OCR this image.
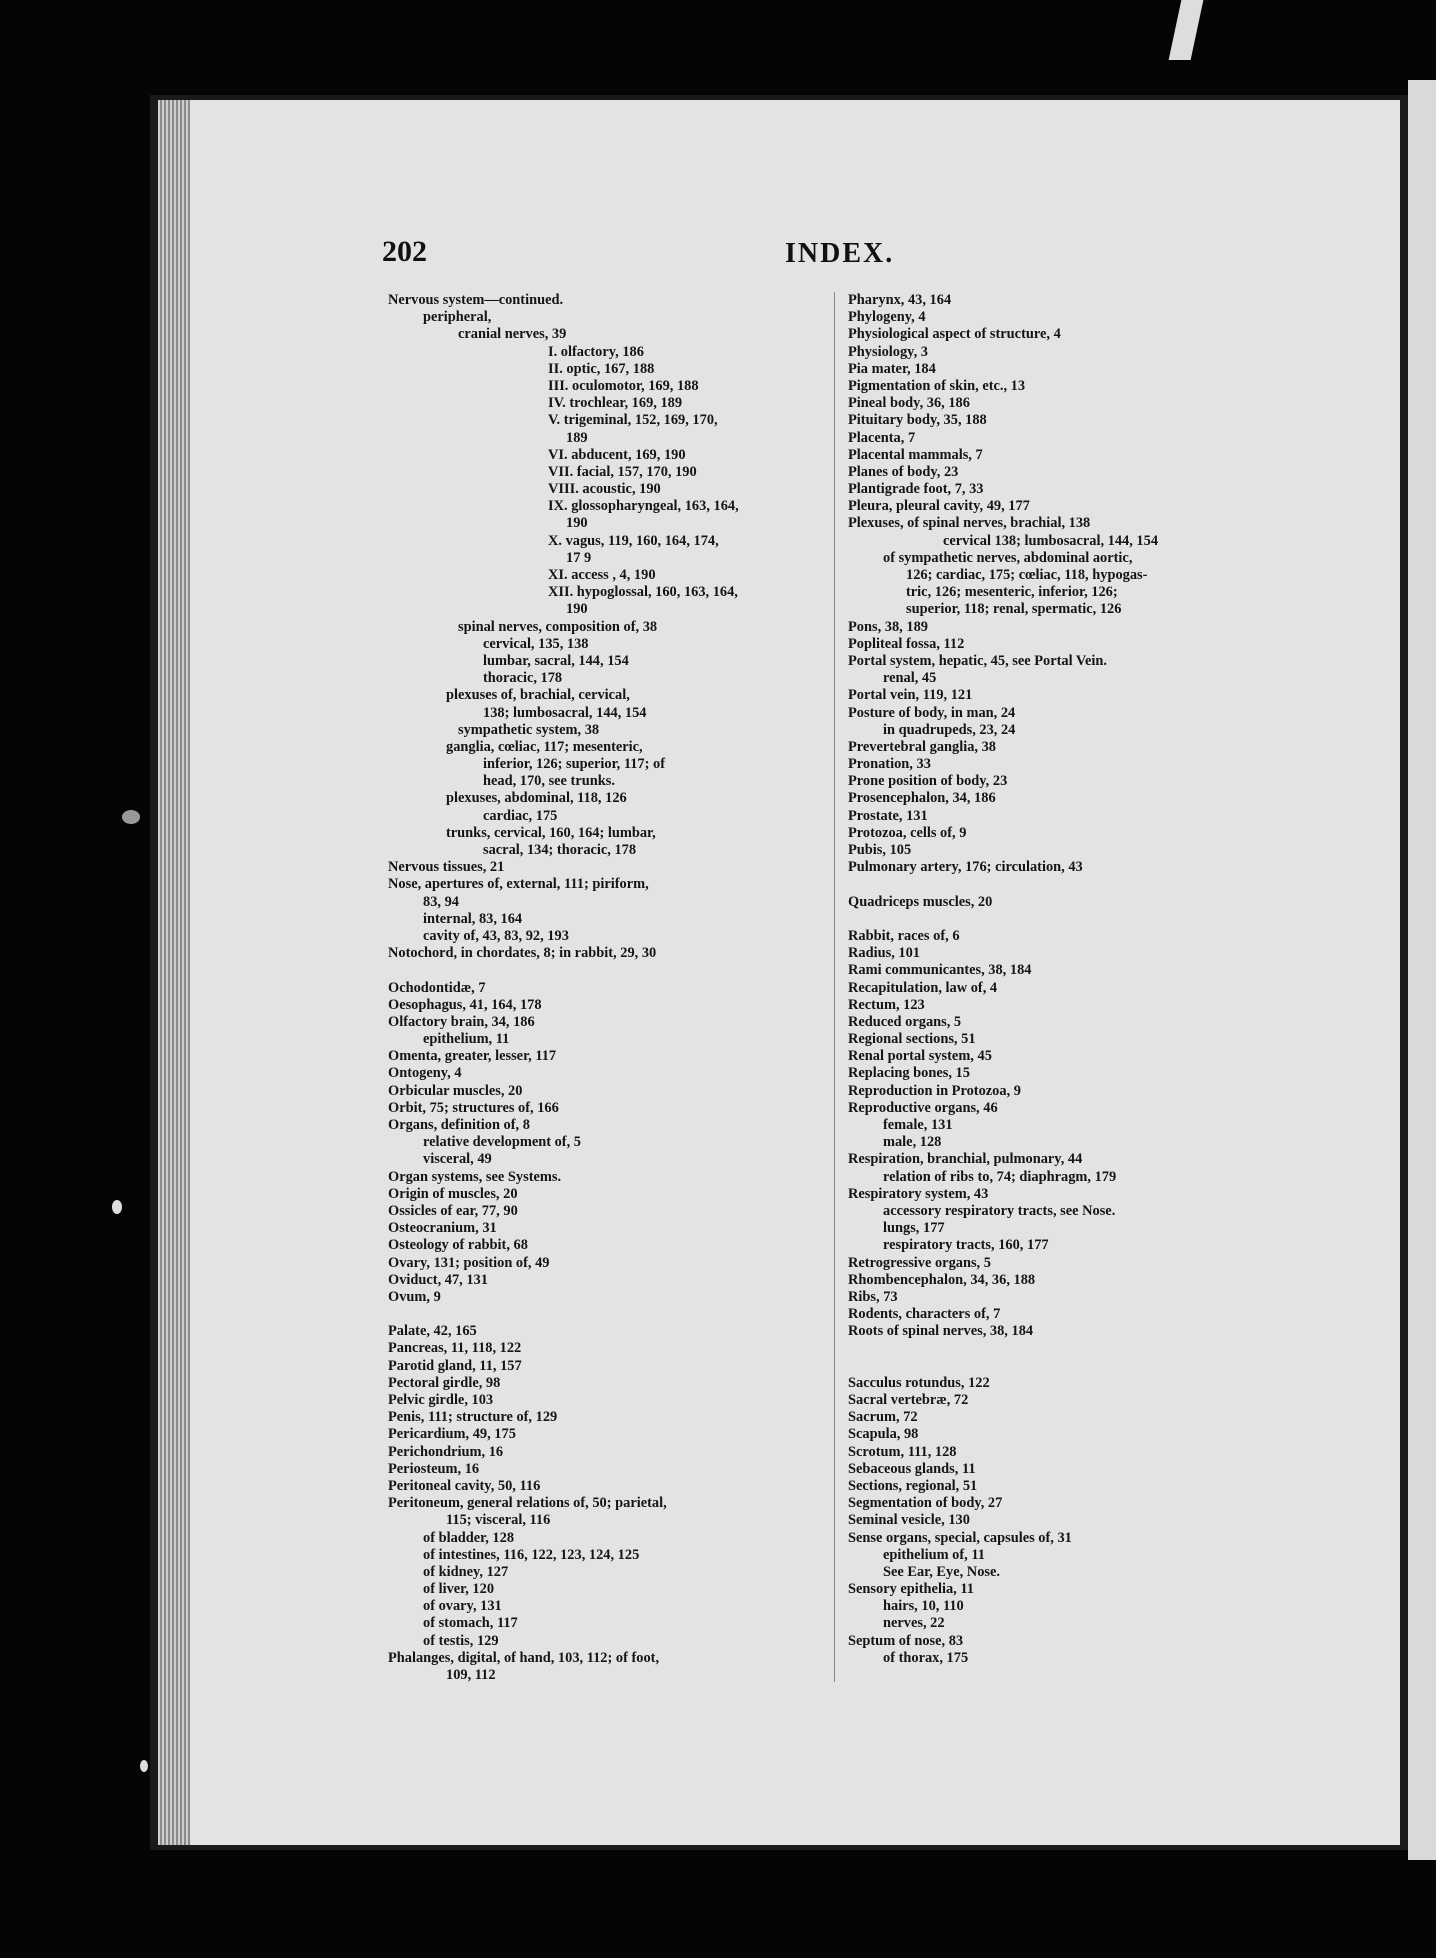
202	INDEX.
Nervous system—continued.
peripheral,
cranial nerves, 39
I. olfactory, 186
II. optic, 167, 188
III. oculomotor, 169, 188
IV. trochlear, 169, 189
V. trigeminal, 152, 169, 170,
189
VI. abducent, 169, 190
VII. facial, 157, 170, 190
VIII. acoustic, 190
IX. glossopharyngeal, 163, 164,
190
X. vagus, 119, 160, 164, 174,
17 9
XI. access , 4, 190
XII. hypoglossal, 160, 163, 164,
190
spinal nerves, composition of, 38
cervical, 135, 138
lumbar, sacral, 144, 154
thoracic, 178
plexuses of, brachial, cervical,
138; lumbosacral, 144, 154
sympathetic system, 38
ganglia, cœliac, 117; mesenteric,
inferior, 126; superior, 117; of
head, 170, see trunks.
plexuses, abdominal, 118, 126
cardiac, 175
trunks, cervical, 160, 164; lumbar,
sacral, 134; thoracic, 178
Nervous tissues, 21
Nose, apertures of, external, 111; piriform,
83, 94
internal, 83, 164
cavity of, 43, 83, 92, 193
Notochord, in chordates, 8; in rabbit, 29, 30
Ochodontidæ, 7
Oesophagus, 41, 164, 178
Olfactory brain, 34, 186
epithelium, 11
Omenta, greater, lesser, 117
Ontogeny, 4
Orbicular muscles, 20
Orbit, 75; structures of, 166
Organs, definition of, 8
relative development of, 5
visceral, 49
Organ systems, see Systems.
Origin of muscles, 20
Ossicles of ear, 77, 90
Osteocranium, 31
Osteology of rabbit, 68
Ovary, 131; position of, 49
Oviduct, 47, 131
Ovum, 9
Palate, 42, 165
Pancreas, 11, 118, 122
Parotid gland, 11, 157
Pectoral girdle, 98
Pelvic girdle, 103
Penis, 111; structure of, 129
Pericardium, 49, 175
Perichondrium, 16
Periosteum, 16
Peritoneal cavity, 50, 116
Peritoneum, general relations of, 50; parietal,
115; visceral, 116
of bladder, 128
of intestines, 116, 122, 123, 124, 125
of kidney, 127
of liver, 120
of ovary, 131
of stomach, 117
of testis, 129
Phalanges, digital, of hand, 103, 112; of foot,
109, 112
Pharynx, 43, 164
Phylogeny, 4
Physiological aspect of structure, 4
Physiology, 3
Pia mater, 184
Pigmentation of skin, etc., 13
Pineal body, 36, 186
Pituitary body, 35, 188
Placenta, 7
Placental mammals, 7
Planes of body, 23
Plantigrade foot, 7, 33
Pleura, pleural cavity, 49, 177
Plexuses, of spinal nerves, brachial, 138
cervical 138; lumbosacral, 144, 154
of sympathetic nerves, abdominal aortic,
126; cardiac, 175; cœliac, 118, hypogas-
tric, 126; mesenteric, inferior, 126;
superior, 118; renal, spermatic, 126
Pons, 38, 189
Popliteal fossa, 112
Portal system, hepatic, 45, see Portal Vein.
renal, 45
Portal vein, 119, 121
Posture of body, in man, 24
in quadrupeds, 23, 24
Prevertebral ganglia, 38
Pronation, 33
Prone position of body, 23
Prosencephalon, 34, 186
Prostate, 131
Protozoa, cells of, 9
Pubis, 105
Pulmonary artery, 176; circulation, 43
Quadriceps muscles, 20
Rabbit, races of, 6
Radius, 101
Rami communicantes, 38, 184
Recapitulation, law of, 4
Rectum, 123
Reduced organs, 5
Regional sections, 51
Renal portal system, 45
Replacing bones, 15
Reproduction in Protozoa, 9
Reproductive organs, 46
female, 131
male, 128
Respiration, branchial, pulmonary, 44
relation of ribs to, 74; diaphragm, 179
Respiratory system, 43
accessory respiratory tracts, see Nose.
lungs, 177
respiratory tracts, 160, 177
Retrogressive organs, 5
Rhombencephalon, 34, 36, 188
Ribs, 73
Rodents, characters of, 7
Roots of spinal nerves, 38, 184
Sacculus rotundus, 122
Sacral vertebræ, 72
Sacrum, 72
Scapula, 98
Scrotum, 111, 128
Sebaceous glands, 11
Sections, regional, 51
Segmentation of body, 27
Seminal vesicle, 130
Sense organs, special, capsules of, 31
epithelium of, 11
See Ear, Eye, Nose.
Sensory epithelia, 11
hairs, 10, 110
nerves, 22
Septum of nose, 83
of thorax, 175
